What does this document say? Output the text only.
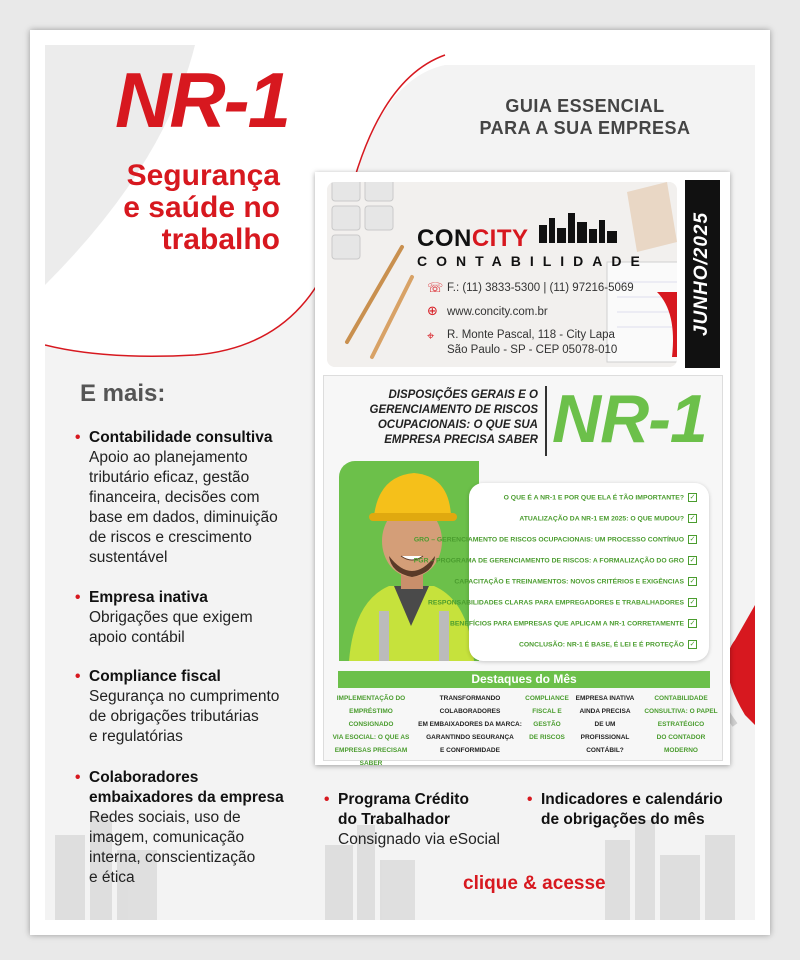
NR-1
Segurança
e saúde no
trabalho
GUIA ESSENCIAL
PARA A SUA EMPRESA
E mais:
• Contabilidade consultiva
Apoio ao planejamento
tributário eficaz, gestão
financeira, decisões com
base em dados, diminuição
de riscos e crescimento
sustentável
• Empresa inativa
Obrigações que exigem
apoio contábil
• Compliance fiscal
Segurança no cumprimento
de obrigações tributárias
e regulatórias
• Colaboradores
embaixadores da empresa
Redes sociais, uso de
imagem, comunicação
interna, conscientização
e ética
• Programa Crédito
do Trabalhador
Consignado via eSocial
• Indicadores e calendário
de obrigações do mês
clique & acesse
CONCITY
CONTABILIDADE
☏ F.: (11) 3833-5300 | (11) 97216-5069
⊕ www.concity.com.br
⌖ R. Monte Pascal, 118 - City Lapa
São Paulo - SP - CEP 05078-010
JUNHO/2025
DISPOSIÇÕES GERAIS E O
GERENCIAMENTO DE RISCOS
OCUPACIONAIS: O QUE SUA
EMPRESA PRECISA SABER NR-1
O QUE É A NR-1 E POR QUE ELA É TÃO IMPORTANTE? ✓
ATUALIZAÇÃO DA NR-1 EM 2025: O QUE MUDOU? ✓
GRO – GERENCIAMENTO DE RISCOS OCUPACIONAIS: UM PROCESSO CONTÍNUO ✓
PGR – PROGRAMA DE GERENCIAMENTO DE RISCOS: A FORMALIZAÇÃO DO GRO ✓
CAPACITAÇÃO E TREINAMENTOS: NOVOS CRITÉRIOS E EXIGÊNCIAS ✓
RESPONSABILIDADES CLARAS PARA EMPREGADORES E TRABALHADORES ✓
BENEFÍCIOS PARA EMPRESAS QUE APLICAM A NR-1 CORRETAMENTE ✓
CONCLUSÃO: NR-1 É BASE, É LEI E É PROTEÇÃO ✓
Destaques do Mês
IMPLEMENTAÇÃO DO
EMPRÉSTIMO CONSIGNADO
VIA ESOCIAL: O QUE AS
EMPRESAS PRECISAM SABER
TRANSFORMANDO COLABORADORES
EM EMBAIXADORES DA MARCA:
GARANTINDO SEGURANÇA
E CONFORMIDADE
COMPLIANCE
FISCAL E
GESTÃO
DE RISCOS
EMPRESA INATIVA
AINDA PRECISA
DE UM PROFISSIONAL
CONTÁBIL?
CONTABILIDADE
CONSULTIVA: O PAPEL
ESTRATÉGICO
DO CONTADOR MODERNO
